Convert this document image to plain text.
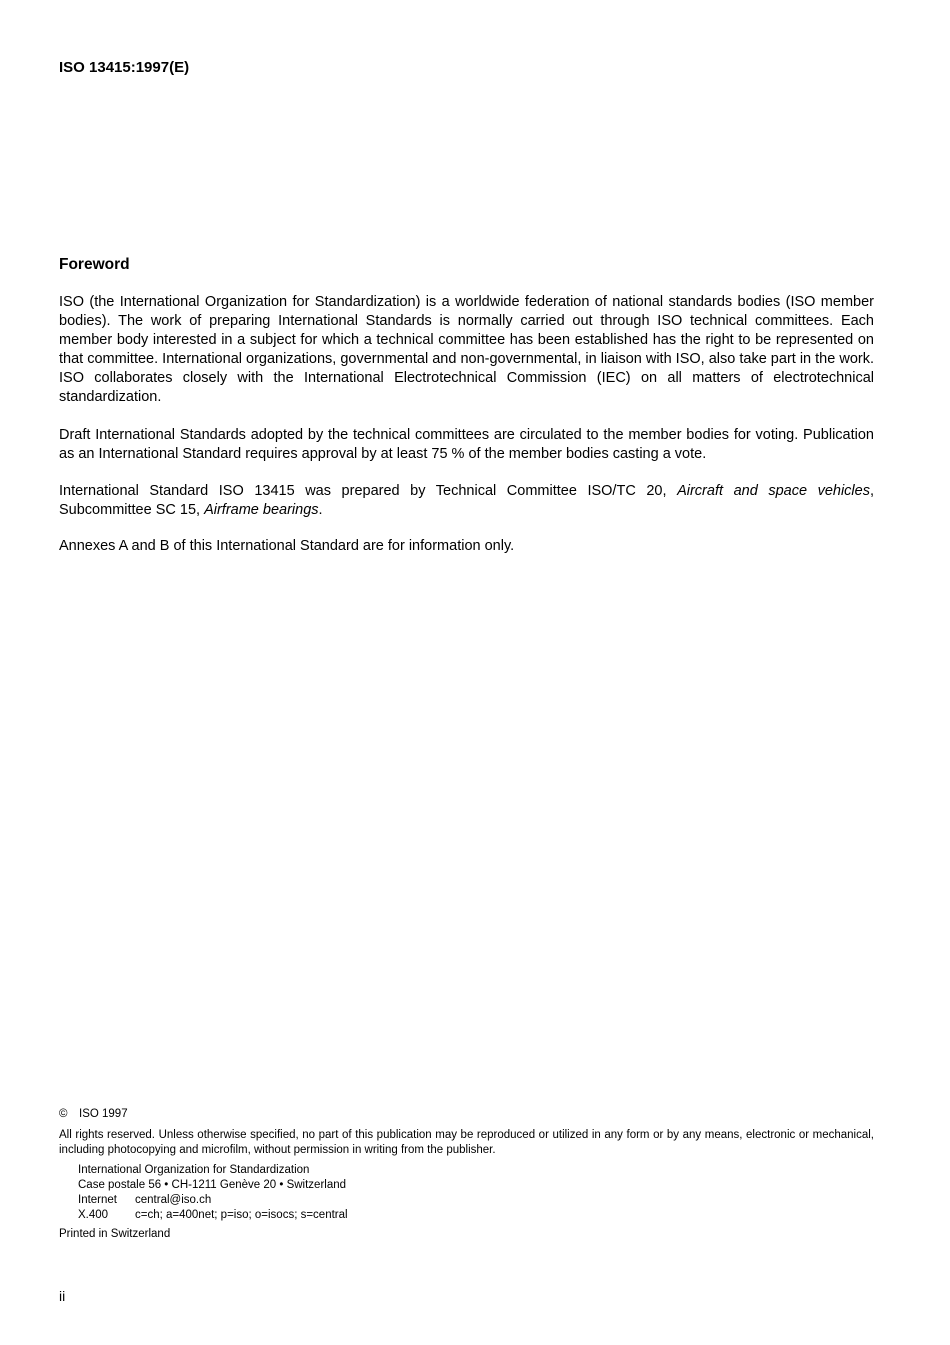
ISO 13415:1997(E)
Foreword
ISO (the International Organization for Standardization) is a worldwide federation of national standards bodies (ISO member bodies). The work of preparing International Standards is normally carried out through ISO technical committees. Each member body interested in a subject for which a technical committee has been established has the right to be represented on that committee. International organizations, governmental and non-governmental, in liaison with ISO, also take part in the work. ISO collaborates closely with the International Electrotechnical Commission (IEC) on all matters of electrotechnical standardization.
Draft International Standards adopted by the technical committees are circulated to the member bodies for voting. Publication as an International Standard requires approval by at least 75 % of the member bodies casting a vote.
International Standard ISO 13415 was prepared by Technical Committee ISO/TC 20, Aircraft and space vehicles, Subcommittee SC 15, Airframe bearings.
Annexes A and B of this International Standard are for information only.
© ISO 1997
All rights reserved. Unless otherwise specified, no part of this publication may be reproduced or utilized in any form or by any means, electronic or mechanical, including photocopying and microfilm, without permission in writing from the publisher.
International Organization for Standardization
Case postale 56 • CH-1211 Genève 20 • Switzerland
Internet central@iso.ch
X.400 c=ch; a=400net; p=iso; o=isocs; s=central
Printed in Switzerland
ii
